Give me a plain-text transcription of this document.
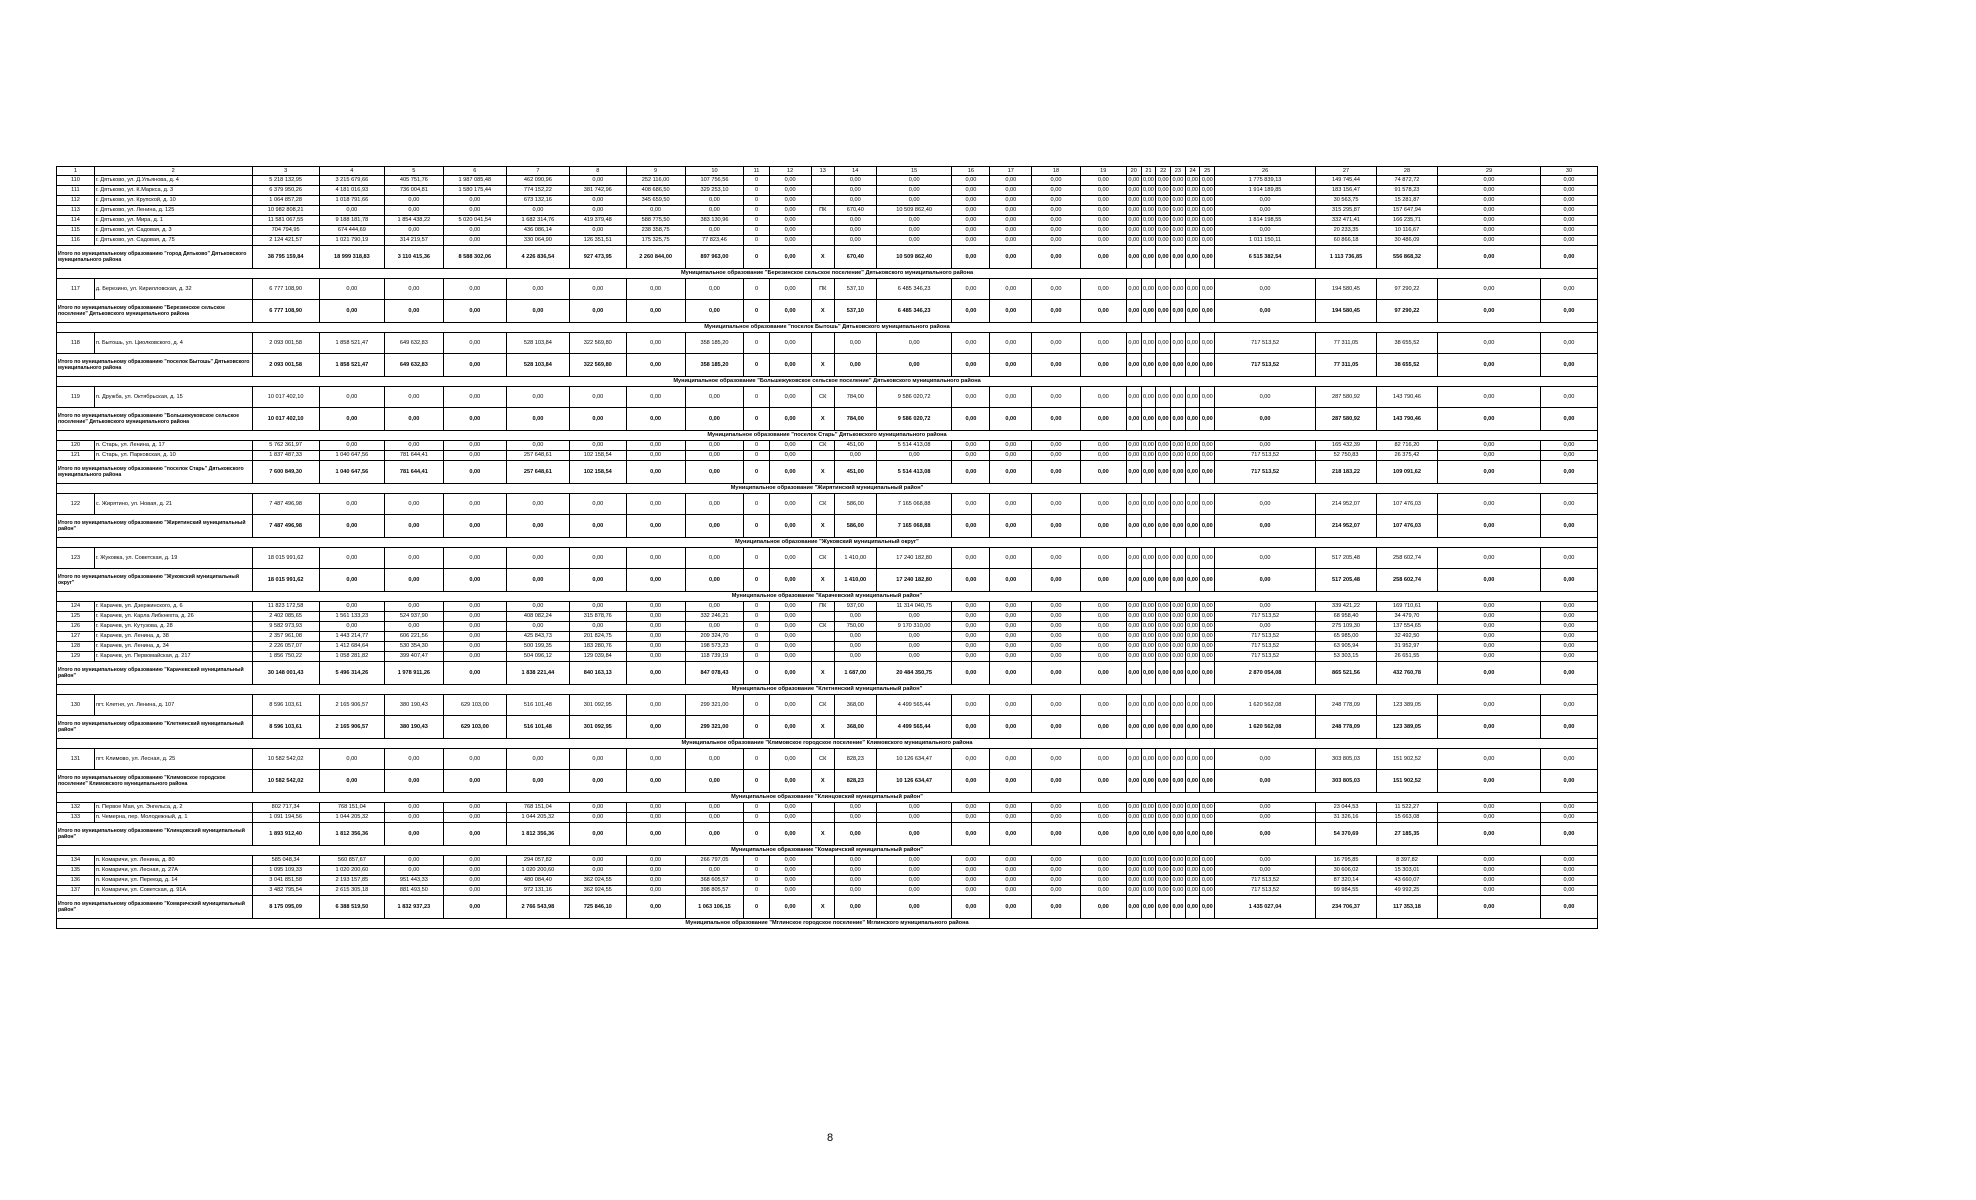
1	2	3	4	5	6	7	8	9	10	11	12	13	14	15	16	17	18	19	20	21	22	23	24	25	26	27	28	29	30
110	г. Дятьково, ул. Д.Ульянова, д. 4	5 218 132,95	3 215 679,66	405 751,76	1 987 085,48	462 090,96	0,00	252 116,00	107 756,56	0	0,00		0,00	0,00	0,00	0,00	0,00	0,00	0,00	0,00	0,00	0,00	0,00	0,00	1 775 839,13	149 745,44	74 872,72	0,00	0,00
111	г. Дятьково, ул. К.Маркса, д. 3	6 379 950,26	4 181 016,93	736 004,81	1 580 175,44	774 152,22	381 742,96	408 686,50	329 253,10	0	0,00		0,00	0,00	0,00	0,00	0,00	0,00	0,00	0,00	0,00	0,00	0,00	0,00	1 914 189,85	183 156,47	91 578,23	0,00	0,00
112	г. Дятьково, ул. Крупской, д. 10	1 064 857,28	1 018 791,66	0,00	0,00	673 132,16	0,00	345 659,50	0,00	0	0,00		0,00	0,00	0,00	0,00	0,00	0,00	0,00	0,00	0,00	0,00	0,00	0,00	0,00	30 563,75	15 281,87	0,00	0,00
113	г. Дятьково, ул. Ленина, д. 125	10 982 808,21	0,00	0,00	0,00	0,00	0,00	0,00	0,00	0	0,00	ПК	670,40	10 509 862,40	0,00	0,00	0,00	0,00	0,00	0,00	0,00	0,00	0,00	0,00	0,00	315 295,87	157 647,94	0,00	0,00
114	г. Дятьково, ул. Мира, д. 1	11 581 067,55	9 188 181,78	1 854 438,22	5 020 041,54	1 682 314,76	419 379,48	588 775,50	383 130,96	0	0,00		0,00	0,00	0,00	0,00	0,00	0,00	0,00	0,00	0,00	0,00	0,00	0,00	1 814 198,55	332 471,41	166 235,71	0,00	0,00
115	г. Дятьково, ул. Садовая, д. 3	704 794,95	674 444,69	0,00	0,00	436 086,14	0,00	238 358,75	0,00	0	0,00		0,00	0,00	0,00	0,00	0,00	0,00	0,00	0,00	0,00	0,00	0,00	0,00	0,00	20 233,35	10 116,67	0,00	0,00
116	г. Дятьково, ул. Садовая, д. 75	2 124 421,57	1 021 790,19	314 219,57	0,00	330 064,90	126 351,51	175 325,75	77 823,46	0	0,00		0,00	0,00	0,00	0,00	0,00	0,00	0,00	0,00	0,00	0,00	0,00	0,00	1 011 150,11	60 866,18	30 486,09	0,00	0,00
Итого по муниципальному образованию "город Дятьково" Дятьковского муниципального района		38 795 159,84	18 999 318,83	3 110 415,36	8 588 302,06	4 226 836,54	927 473,95	2 260 844,00	897 963,00	0	0,00	X	670,40	10 509 862,40	0,00	0,00	0,00	0,00	0,00	0,00	0,00	0,00	0,00	0,00	6 515 382,54	1 113 736,85	556 868,32	0,00	0,00
Муниципальное образование "Березинское сельское поселение" Дятьковского муниципального района																													
117	д. Березино, ул. Кирилловская, д. 32	6 777 108,90	0,00	0,00	0,00	0,00	0,00	0,00	0,00	0	0,00	ПК	537,10	6 485 346,23	0,00	0,00	0,00	0,00	0,00	0,00	0,00	0,00	0,00	0,00	0,00	194 580,45	97 290,22	0,00	0,00
Итого по муниципальному образованию "Березинское сельское поселение" Дятьковского муниципального района		6 777 108,90	0,00	0,00	0,00	0,00	0,00	0,00	0,00	0	0,00	X	537,10	6 485 346,23	0,00	0,00	0,00	0,00	0,00	0,00	0,00	0,00	0,00	0,00	0,00	194 580,45	97 290,22	0,00	0,00
Муниципальное образование "поселок Бытошь" Дятьковского муниципального района																													
118	п. Бытошь, ул. Циолковского, д. 4	2 093 001,58	1 858 521,47	649 632,83	0,00	528 103,84	322 569,80	0,00	358 185,20	0	0,00		0,00	0,00	0,00	0,00	0,00	0,00	0,00	0,00	0,00	0,00	0,00	0,00	717 513,52	77 311,05	38 655,52	0,00	0,00
Итого по муниципальному образованию "поселок Бытошь" Дятьковского муниципального района		2 093 001,58	1 858 521,47	649 632,83	0,00	528 103,84	322 569,80	0,00	358 185,20	0	0,00	X	0,00	0,00	0,00	0,00	0,00	0,00	0,00	0,00	0,00	0,00	0,00	0,00	717 513,52	77 311,05	38 655,52	0,00	0,00
Муниципальное образование "Большежуковское сельское поселение" Дятьковского муниципального района																													
119	п. Дружба, ул. Октябрьская, д. 15	10 017 402,10	0,00	0,00	0,00	0,00	0,00	0,00	0,00	0	0,00	СК	784,00	9 586 020,72	0,00	0,00	0,00	0,00	0,00	0,00	0,00	0,00	0,00	0,00	0,00	287 580,92	143 790,46	0,00	0,00
Итого по муниципальному образованию "Большежуковское сельское поселение" Дятьковского муниципального района		10 017 402,10	0,00	0,00	0,00	0,00	0,00	0,00	0,00	0	0,00	X	784,00	9 586 020,72	0,00	0,00	0,00	0,00	0,00	0,00	0,00	0,00	0,00	0,00	0,00	287 580,92	143 790,46	0,00	0,00
Муниципальное образование "поселок Старь" Дятьковского муниципального района																													
120	п. Старь, ул. Ленина, д. 17	5 762 361,97	0,00	0,00	0,00	0,00	0,00	0,00	0,00	0	0,00	СК	451,00	5 514 413,08	0,00	0,00	0,00	0,00	0,00	0,00	0,00	0,00	0,00	0,00	0,00	165 432,39	82 716,20	0,00	0,00
121	п. Старь, ул. Парковская, д. 10	1 837 487,33	1 040 647,56	781 644,41	0,00	257 648,61	102 158,54	0,00	0,00	0	0,00		0,00	0,00	0,00	0,00	0,00	0,00	0,00	0,00	0,00	0,00	0,00	0,00	717 513,52	52 750,83	26 375,42	0,00	0,00
Итого по муниципальному образованию "поселок Старь" Дятьковского муниципального района		7 600 849,30	1 040 647,56	781 644,41	0,00	257 648,61	102 158,54	0,00	0,00	0	0,00	X	451,00	5 514 413,08	0,00	0,00	0,00	0,00	0,00	0,00	0,00	0,00	0,00	0,00	717 513,52	218 183,22	109 091,62	0,00	0,00
Муниципальное образование "Жирятинский муниципальный район"																													
122	с. Жирятино, ул. Новая, д. 21	7 487 496,98	0,00	0,00	0,00	0,00	0,00	0,00	0,00	0	0,00	СК	586,00	7 165 068,88	0,00	0,00	0,00	0,00	0,00	0,00	0,00	0,00	0,00	0,00	0,00	214 952,07	107 476,03	0,00	0,00
Итого по муниципальному образованию "Жирятинский муниципальный район"		7 487 496,98	0,00	0,00	0,00	0,00	0,00	0,00	0,00	0	0,00	X	586,00	7 165 068,88	0,00	0,00	0,00	0,00	0,00	0,00	0,00	0,00	0,00	0,00	0,00	214 952,07	107 476,03	0,00	0,00
Муниципальное образование "Жуковский муниципальный округ"																													
123	г. Жуковка, ул. Советская, д. 19	18 015 991,62	0,00	0,00	0,00	0,00	0,00	0,00	0,00	0	0,00	СК	1 410,00	17 240 182,80	0,00	0,00	0,00	0,00	0,00	0,00	0,00	0,00	0,00	0,00	0,00	517 205,48	258 602,74	0,00	0,00
Итого по муниципальному образованию "Жуковский муниципальный округ"		18 015 991,62	0,00	0,00	0,00	0,00	0,00	0,00	0,00	0	0,00	X	1 410,00	17 240 182,80	0,00	0,00	0,00	0,00	0,00	0,00	0,00	0,00	0,00	0,00	0,00	517 205,48	258 602,74	0,00	0,00
Муниципальное образование "Карачевский муниципальный район"																													
124	г. Карачев, ул. Дзержинского, д. 6	11 823 172,58	0,00	0,00	0,00	0,00	0,00	0,00	0,00	0	0,00	ПК	937,00	11 314 040,75	0,00	0,00	0,00	0,00	0,00	0,00	0,00	0,00	0,00	0,00	0,00	339 421,22	169 710,61	0,00	0,00
125	г. Карачев, ул. Карла Либкнехта, д. 26	2 402 085,65	1 561 133,23	524 937,90	0,00	408 082,24	315 878,76	0,00	332 246,21	0	0,00		0,00	0,00	0,00	0,00	0,00	0,00	0,00	0,00	0,00	0,00	0,00	0,00	717 513,52	68 958,40	34 479,70	0,00	0,00
126	г. Карачев, ул. Кутузова, д. 28	9 582 973,93	0,00	0,00	0,00	0,00	0,00	0,00	0,00	0	0,00	СК	750,00	9 170 310,00	0,00	0,00	0,00	0,00	0,00	0,00	0,00	0,00	0,00	0,00	0,00	275 109,30	137 554,65	0,00	0,00
127	г. Карачев, ул. Ленина, д. 38	2 357 961,08	1 443 214,77	606 221,56	0,00	425 843,73	201 824,75	0,00	209 324,70	0	0,00		0,00	0,00	0,00	0,00	0,00	0,00	0,00	0,00	0,00	0,00	0,00	0,00	717 513,52	65 985,00	32 492,50	0,00	0,00
128	г. Карачев, ул. Ленина, д. 34	2 226 057,07	1 412 684,64	530 354,30	0,00	500 199,35	183 280,76	0,00	198 573,23	0	0,00		0,00	0,00	0,00	0,00	0,00	0,00	0,00	0,00	0,00	0,00	0,00	0,00	717 513,52	63 905,94	31 952,97	0,00	0,00
129	г. Карачев, ул. Первомайская, д. 217	1 856 750,22	1 058 281,82	399 407,47	0,00	504 096,12	129 039,84	0,00	118 739,19	0	0,00		0,00	0,00	0,00	0,00	0,00	0,00	0,00	0,00	0,00	0,00	0,00	0,00	717 513,52	53 303,15	26 651,55	0,00	0,00
Итого по муниципальному образованию "Карачевский муниципальный район"		30 148 001,43	5 496 314,26	1 978 911,26	0,00	1 838 221,44	840 163,13	0,00	847 078,43	0	0,00	X	1 687,00	20 484 350,75	0,00	0,00	0,00	0,00	0,00	0,00	0,00	0,00	0,00	0,00	2 870 054,08	865 521,56	432 760,78	0,00	0,00
Муниципальное образование "Клетнянский муниципальный район"																													
130	пгт. Клетня, ул. Ленина, д. 107	8 596 103,61	2 165 906,57	380 190,43	629 103,00	516 101,48	301 092,95	0,00	299 321,00	0	0,00	СК	368,00	4 499 565,44	0,00	0,00	0,00	0,00	0,00	0,00	0,00	0,00	0,00	0,00	1 620 562,08	248 778,09	123 389,05	0,00	0,00
Итого по муниципальному образованию "Клетнянский муниципальный район"		8 596 103,61	2 165 906,57	380 190,43	629 103,00	516 101,48	301 092,95	0,00	299 321,00	0	0,00	X	368,00	4 499 565,44	0,00	0,00	0,00	0,00	0,00	0,00	0,00	0,00	0,00	0,00	1 620 562,08	248 778,09	123 389,05	0,00	0,00
Муниципальное образование "Климовское городское поселение" Климовского муниципального района																													
131	пгт. Климово, ул. Лесная, д. 25	10 582 542,02	0,00	0,00	0,00	0,00	0,00	0,00	0,00	0	0,00	СК	828,23	10 126 634,47	0,00	0,00	0,00	0,00	0,00	0,00	0,00	0,00	0,00	0,00	0,00	303 805,03	151 902,52	0,00	0,00
Итого по муниципальному образованию "Климовское городское поселение" Климовского муниципального района		10 582 542,02	0,00	0,00	0,00	0,00	0,00	0,00	0,00	0	0,00	X	828,23	10 126 634,47	0,00	0,00	0,00	0,00	0,00	0,00	0,00	0,00	0,00	0,00	0,00	303 805,03	151 902,52	0,00	0,00
Муниципальное образование "Клинцовский муниципальный район"																													
132	п. Первое Мая, ул. Энгельса, д. 2	802 717,34	768 151,04	0,00	0,00	768 151,04	0,00	0,00	0,00	0	0,00		0,00	0,00	0,00	0,00	0,00	0,00	0,00	0,00	0,00	0,00	0,00	0,00	0,00	23 044,53	11 522,27	0,00	0,00
133	п. Чемерна, пер. Молодежный, д. 1	1 091 194,56	1 044 205,32	0,00	0,00	1 044 205,32	0,00	0,00	0,00	0	0,00		0,00	0,00	0,00	0,00	0,00	0,00	0,00	0,00	0,00	0,00	0,00	0,00	0,00	31 326,16	15 663,08	0,00	0,00
Итого по муниципальному образованию "Клинцовский муниципальный район"		1 893 912,40	1 812 356,36	0,00	0,00	1 812 356,36	0,00	0,00	0,00	0	0,00	X	0,00	0,00	0,00	0,00	0,00	0,00	0,00	0,00	0,00	0,00	0,00	0,00	0,00	54 370,69	27 185,35	0,00	0,00
Муниципальное образование "Комаричский муниципальный район"																													
134	п. Комаричи, ул. Ленина, д. 80	585 048,34	560 857,67	0,00	0,00	294 057,82	0,00	0,00	266 797,05	0	0,00		0,00	0,00	0,00	0,00	0,00	0,00	0,00	0,00	0,00	0,00	0,00	0,00	0,00	16 795,85	8 397,82	0,00	0,00
135	п. Комаричи, ул. Лесная, д. 27А	1 095 109,33	1 020 200,60	0,00	0,00	1 020 200,60	0,00	0,00	0,00	0	0,00		0,00	0,00	0,00	0,00	0,00	0,00	0,00	0,00	0,00	0,00	0,00	0,00	0,00	30 606,02	15 303,01	0,00	0,00
136	п. Комаричи, ул. Переезд, д. 14	3 041 851,58	2 193 157,85	951 443,33	0,00	480 084,40	362 024,55	0,00	368 605,57	0	0,00		0,00	0,00	0,00	0,00	0,00	0,00	0,00	0,00	0,00	0,00	0,00	0,00	717 513,52	87 320,14	43 660,07	0,00	0,00
137	п. Комаричи, ул. Советская, д. 91А	3 482 795,54	2 615 305,18	881 493,50	0,00	972 131,16	362 924,55	0,00	398 805,57	0	0,00		0,00	0,00	0,00	0,00	0,00	0,00	0,00	0,00	0,00	0,00	0,00	0,00	717 513,52	99 984,55	49 992,25	0,00	0,00
Итого по муниципальному образованию "Комаричский муниципальный район"		8 175 095,09	6 388 519,50	1 832 937,23	0,00	2 766 543,98	725 846,10	0,00	1 063 106,15	0	0,00	X	0,00	0,00	0,00	0,00	0,00	0,00	0,00	0,00	0,00	0,00	0,00	0,00	1 435 027,04	234 706,37	117 353,18	0,00	0,00
Муниципальное образование "Мглинское городское поселение" Мглинского муниципального района																													
8
